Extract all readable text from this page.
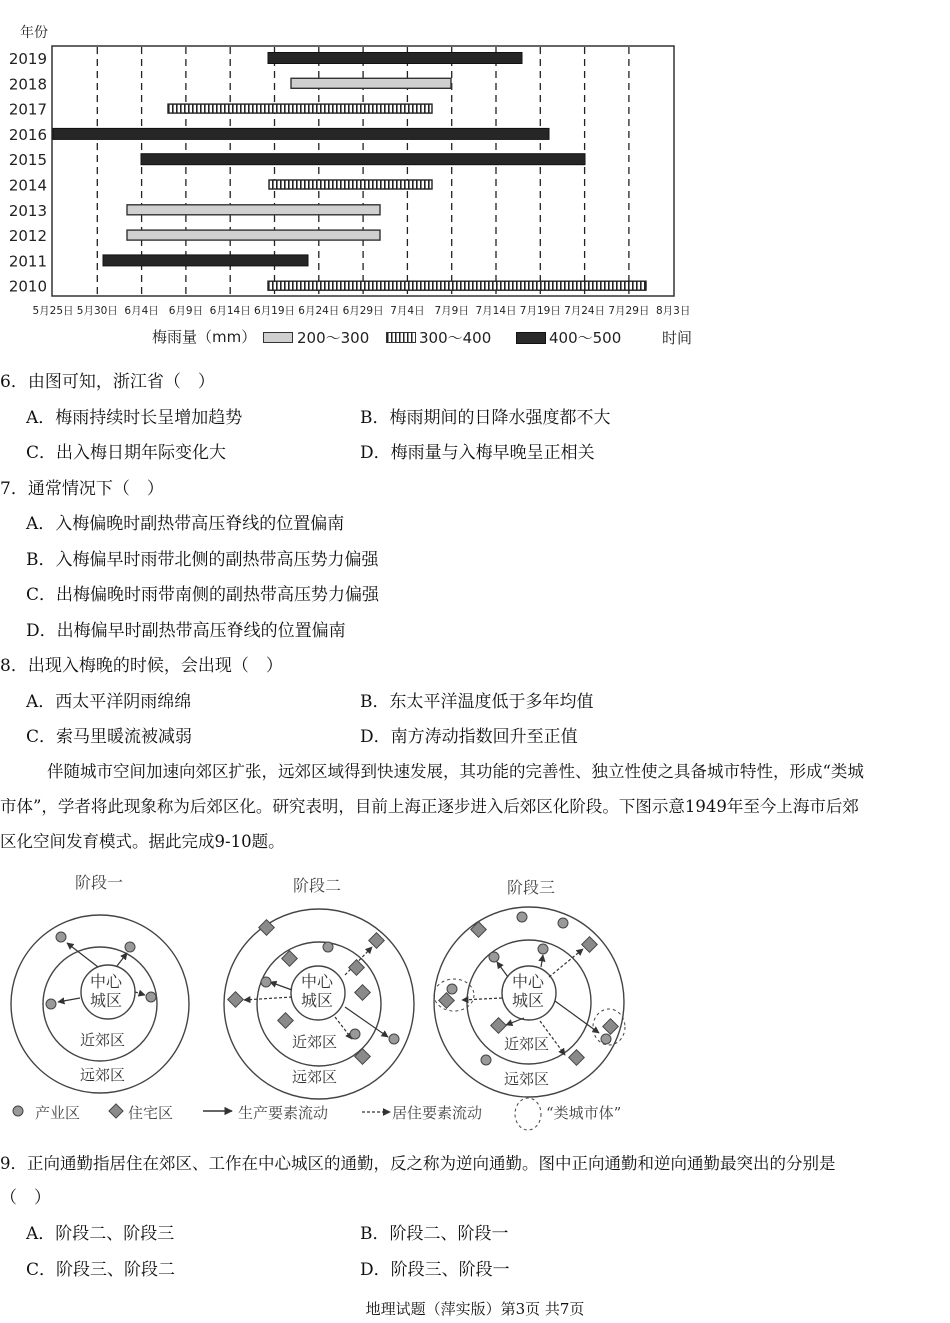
2019
2018
2017
2016
2015
2014
2013
2012
2011
2010
5月25日 5月30日 6月4日 6月9日 6月14日 6月19日 6月24日 6月29日 7月4日 7月9日 7月14日 7月19日 7月24日 7月29日 8月3日
年份
梅雨量（mm）	200～300	300～400	400～500	时间
6．由图可知，浙江省（　）
A．梅雨持续时长呈增加趋势	B．梅雨期间的日降水强度都不大
C．出入梅日期年际变化大	D．梅雨量与入梅早晚呈正相关
7．通常情况下（　）
A．入梅偏晚时副热带高压脊线的位置偏南
B．入梅偏早时雨带北侧的副热带高压势力偏强
C．出梅偏晚时雨带南侧的副热带高压势力偏强
D．出梅偏早时副热带高压脊线的位置偏南
8．出现入梅晚的时候，会出现（　）
A．西太平洋阴雨绵绵	B．东太平洋温度低于多年均值
C．索马里暖流被减弱	D．南方涛动指数回升至正值
伴随城市空间加速向郊区扩张，远郊区域得到快速发展，其功能的完善性、独立性使之具备城市特性，形成“类城
市体”，学者将此现象称为后郊区化。研究表明，目前上海正逐步进入后郊区化阶段。下图示意1949年至今上海市后郊
区化空间发育模式。据此完成9-10题。
阶段一	阶段二	阶段三
中心
城区
近郊区
远郊区
中心
城区
近郊区
远郊区
中心
城区
近郊区
远郊区
产业区	住宅区	生产要素流动	居住要素流动	“类城市体”
9．正向通勤指居住在郊区、工作在中心城区的通勤，反之称为逆向通勤。图中正向通勤和逆向通勤最突出的分别是
（　）
A．阶段二、阶段三	B．阶段二、阶段一
C．阶段三、阶段二	D．阶段三、阶段一
地理试题（萍实版）第3页 共7页
